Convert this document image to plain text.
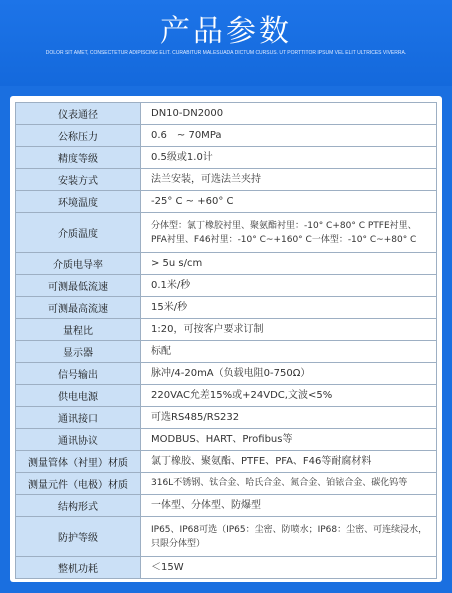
产品参数
DOLOR SIT AMET, CONSECTETUR ADIPISCING ELIT. CURABITUR MALESUADA DICTUM CURSUS. UT PORTTITOR IPSUM VEL ELIT ULTRICES VIVERRA.
仪表通径	DN10-DN2000
公称压力	0.6　~ 70MPa
精度等级	0.5级或1.0计
安装方式	法兰安装，可选法兰夹持
环境温度	-25° C ~ +60° C
介质温度	分体型：氯丁橡胶衬里、聚氨酯衬里：-10° C+80° C PTFE衬里、PFA衬里、F46衬里：-10° C~+160° C一体型：-10° C~+80° C
介质电导率	> 5u s/cm
可测最低流速	0.1米/秒
可测最高流速	15米/秒
量程比	1:20，可按客户要求订制
显示器	标配
信号输出	脉冲/4-20mA（负载电阻0-750Ω）
供电电源	220VAC允差15%或+24VDC,文波<5%
通讯接口	可选RS485/RS232
通讯协议	MODBUS、HART、Profibus等
测量管体（衬里）材质	氯丁橡胶、聚氨酯、PTFE、PFA、F46等耐腐材料
测量元件（电极）材质	316L不锈钢、钛合金、哈氏合金、氮合金、铂铱合金、碳化钨等
结构形式	一体型、分体型、防爆型
防护等级	IP65、IP68可选（IP65：尘密、防喷水；IP68：尘密、可连续浸水，只限分体型）
整机功耗	＜15W
